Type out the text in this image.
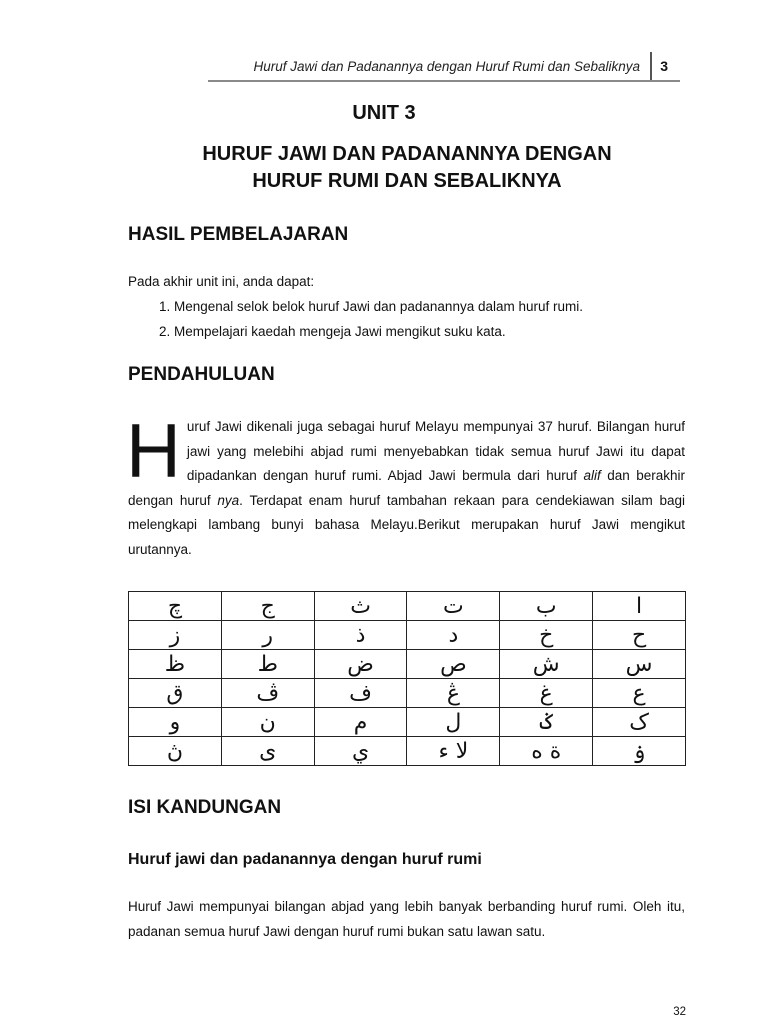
Huruf Jawi dan Padanannya dengan Huruf Rumi dan Sebaliknya 3
UNIT 3
HURUF JAWI DAN PADANANNYA DENGAN
HURUF RUMI DAN SEBALIKNYA
HASIL PEMBELAJARAN

Pada akhir unit ini, anda dapat:

1. Mengenal selok belok huruf Jawi dan padanannya dalam huruf rumi.
2. Mempelajari kaedah mengeja Jawi mengikut suku kata.
PENDAHULUAN

Huruf Jawi dikenali juga sebagai huruf Melayu mempunyai 37 huruf. Bilangan huruf jawi yang melebihi abjad rumi menyebabkan tidak semua huruf Jawi itu dapat dipadankan dengan huruf rumi. Abjad Jawi bermula dari huruf alif dan berakhir dengan huruf nya. Terdapat enam huruf tambahan rekaan para cendekiawan silam bagi melengkapi lambang bunyi bahasa Melayu.Berikut merupakan huruf Jawi mengikut urutannya.

چ	ج	ث	ت	ب	ا
ز	ر	ذ	د	خ	ح
ظ	ط	ض	ص	ش	س
ق	ڤ	ف	ڠ	غ	ع
و	ن	م	ل	ݢ	ک
ڽ	ى	ي	لا ء	ة ه	ۏ
ISI KANDUNGAN
Huruf jawi dan padanannya dengan huruf rumi

Huruf Jawi mempunyai bilangan abjad yang lebih banyak berbanding huruf rumi. Oleh itu, padanan semua huruf Jawi dengan huruf rumi bukan satu lawan satu.

32
